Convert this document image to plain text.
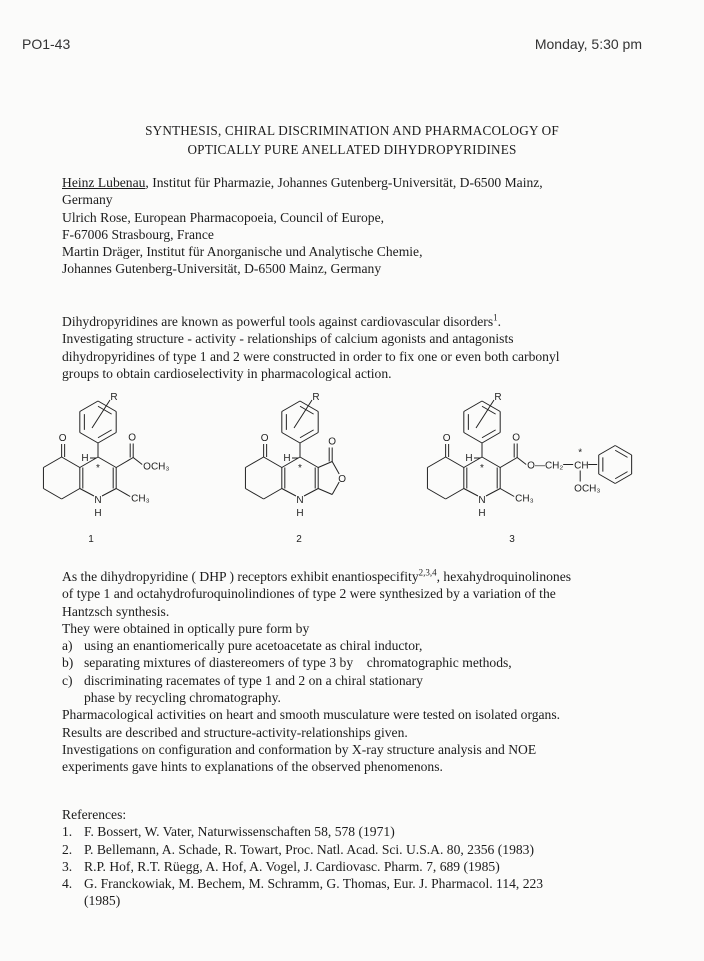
PO1-43	Monday, 5:30 pm
SYNTHESIS, CHIRAL DISCRIMINATION AND PHARMACOLOGY OF
OPTICALLY PURE ANELLATED DIHYDROPYRIDINES
Heinz Lubenau, Institut für Pharmazie, Johannes Gutenberg-Universität, D-6500 Mainz,
Germany
Ulrich Rose, European Pharmacopoeia, Council of Europe,
F-67006 Strasbourg, France
Martin Dräger, Institut für Anorganische und Analytische Chemie,
Johannes Gutenberg-Universität, D-6500 Mainz, Germany
Dihydropyridines are known as powerful tools against cardiovascular disorders$^1$.
Investigating structure - activity - relationships of calcium agonists and antagonists
dihydropyridines of type 1 and 2 were constructed in order to fix one or even both carbonyl
groups to obtain cardioselectivity in pharmacological action.
O
R
H
*
N
H
O
OCH₃
CH₃
1
O
R
H
*
N
H
O
O
2
O
R
H
*
N
H
O
O—CH₂ CH
*
OCH₃
CH₃
3
As the dihydropyridine ( DHP ) receptors exhibit enantiospecifity$^{2,3,4}$, hexahydroquinolinones
of type 1 and octahydrofuroquinolindiones of type 2 were synthesized by a variation of the
Hantzsch synthesis.
They were obtained in optically pure form by
a) using an enantiomerically pure acetoacetate as chiral inductor,
b) separating mixtures of diastereomers of type 3 by    chromatographic methods,
c) discriminating racemates of type 1 and 2 on a chiral stationary
phase by recycling chromatography.
Pharmacological activities on heart and smooth musculature were tested on isolated organs.
Results are described and structure-activity-relationships given.
Investigations on configuration and conformation by X-ray structure analysis and NOE
experiments gave hints to explanations of the observed phenomenons.
References:
1. F. Bossert, W. Vater, Naturwissenschaften 58, 578 (1971)
2. P. Bellemann, A. Schade, R. Towart, Proc. Natl. Acad. Sci. U.S.A. 80, 2356 (1983)
3. R.P. Hof, R.T. Rüegg, A. Hof, A. Vogel, J. Cardiovasc. Pharm. 7, 689 (1985)
4. G. Franckowiak, M. Bechem, M. Schramm, G. Thomas, Eur. J. Pharmacol. 114, 223
(1985)
